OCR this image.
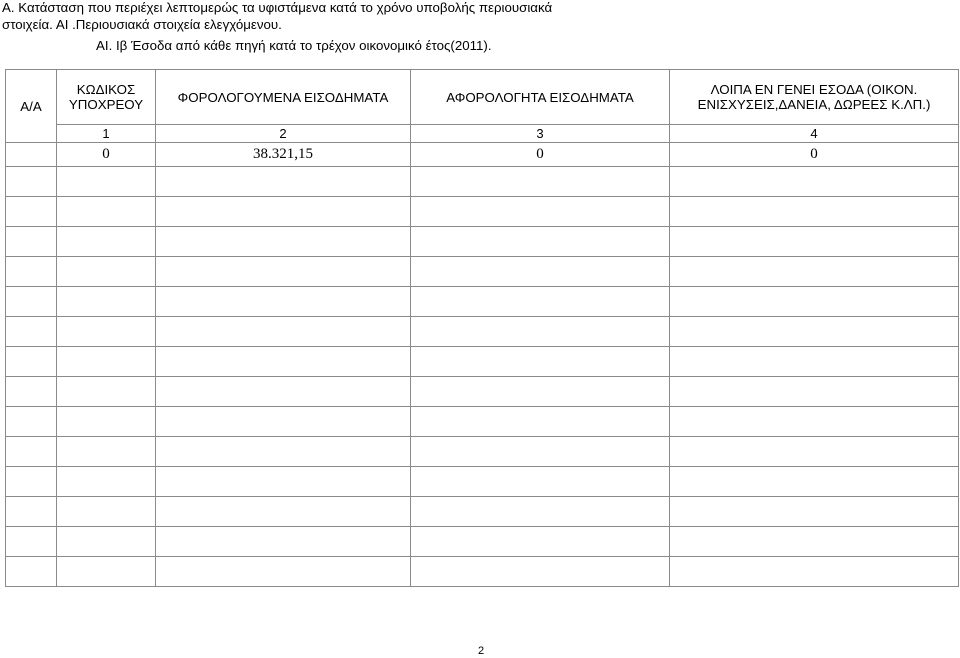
Α. Κατάσταση που περιέχει λεπτομερώς τα υφιστάμενα κατά το χρόνο υποβολής περιουσιακά
στοιχεία. ΑΙ .Περιουσιακά στοιχεία ελεγχόμενου.
ΑΙ. Ιβ Έσοδα από κάθε πηγή κατά το τρέχον οικονομικό έτος(2011).
Α/Α	ΚΩΔΙΚΟΣ ΥΠΟΧΡΕΟΥ	ΦΟΡΟΛΟΓΟΥΜΕΝΑ ΕΙΣΟΔΗΜΑΤΑ	ΑΦΟΡΟΛΟΓΗΤΑ ΕΙΣΟΔΗΜΑΤΑ	ΛΟΙΠΑ ΕΝ ΓΕΝΕΙ ΕΣΟΔΑ (ΟΙΚΟΝ. ΕΝΙΣΧΥΣΕΙΣ,ΔΑΝΕΙΑ, ΔΩΡΕΕΣ Κ.ΛΠ.)
	1	2	3	4
	0	38.321,15	0	0

2
